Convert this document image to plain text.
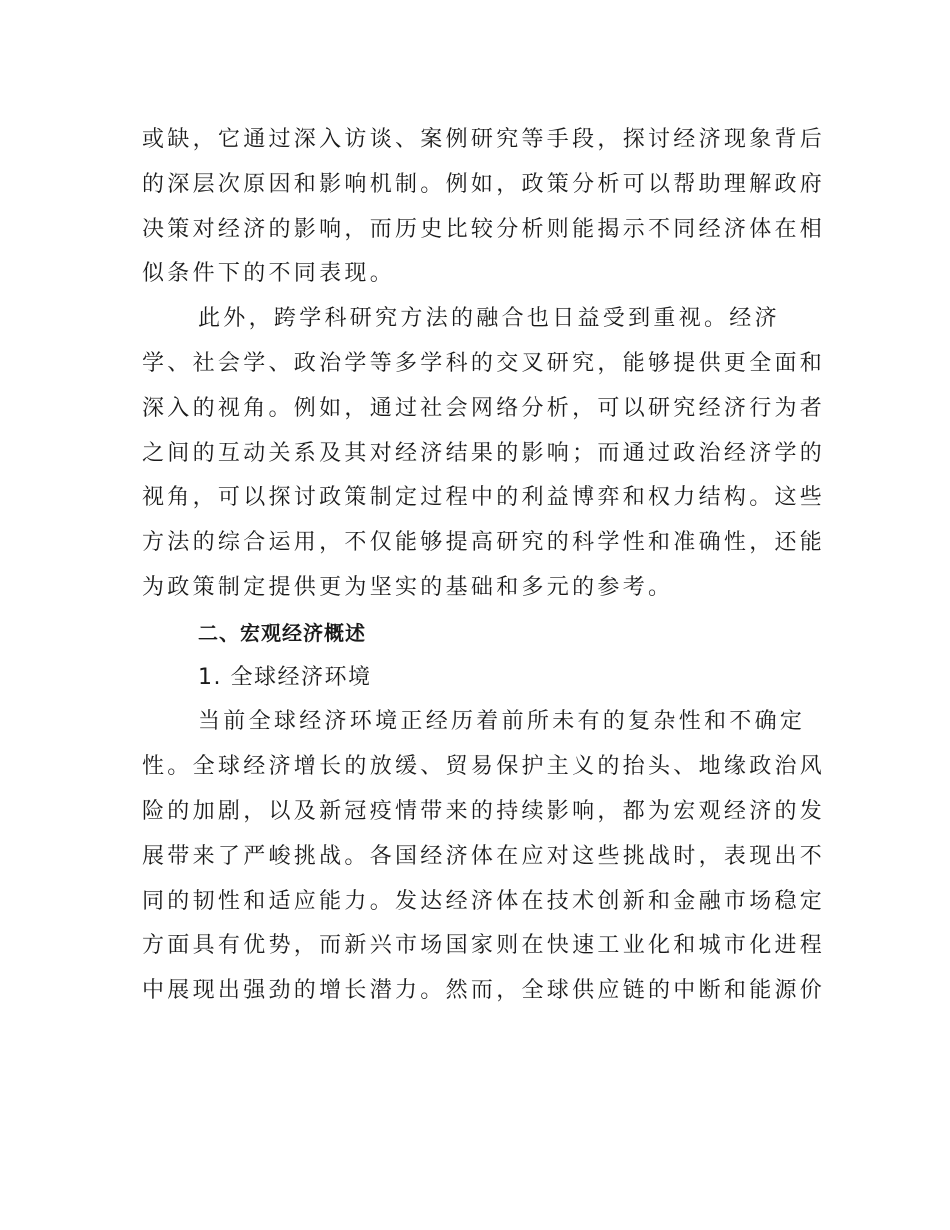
或缺，它通过深入访谈、案例研究等手段，探讨经济现象背后
的深层次原因和影响机制。例如，政策分析可以帮助理解政府
决策对经济的影响，而历史比较分析则能揭示不同经济体在相
似条件下的不同表现。
此外，跨学科研究方法的融合也日益受到重视。经济
学、社会学、政治学等多学科的交叉研究，能够提供更全面和
深入的视角。例如，通过社会网络分析，可以研究经济行为者
之间的互动关系及其对经济结果的影响；而通过政治经济学的
视角，可以探讨政策制定过程中的利益博弈和权力结构。这些
方法的综合运用，不仅能够提高研究的科学性和准确性，还能
为政策制定提供更为坚实的基础和多元的参考。
二、宏观经济概述
1. 全球经济环境
当前全球经济环境正经历着前所未有的复杂性和不确定
性。全球经济增长的放缓、贸易保护主义的抬头、地缘政治风
险的加剧，以及新冠疫情带来的持续影响，都为宏观经济的发
展带来了严峻挑战。各国经济体在应对这些挑战时，表现出不
同的韧性和适应能力。发达经济体在技术创新和金融市场稳定
方面具有优势，而新兴市场国家则在快速工业化和城市化进程
中展现出强劲的增长潜力。然而，全球供应链的中断和能源价
